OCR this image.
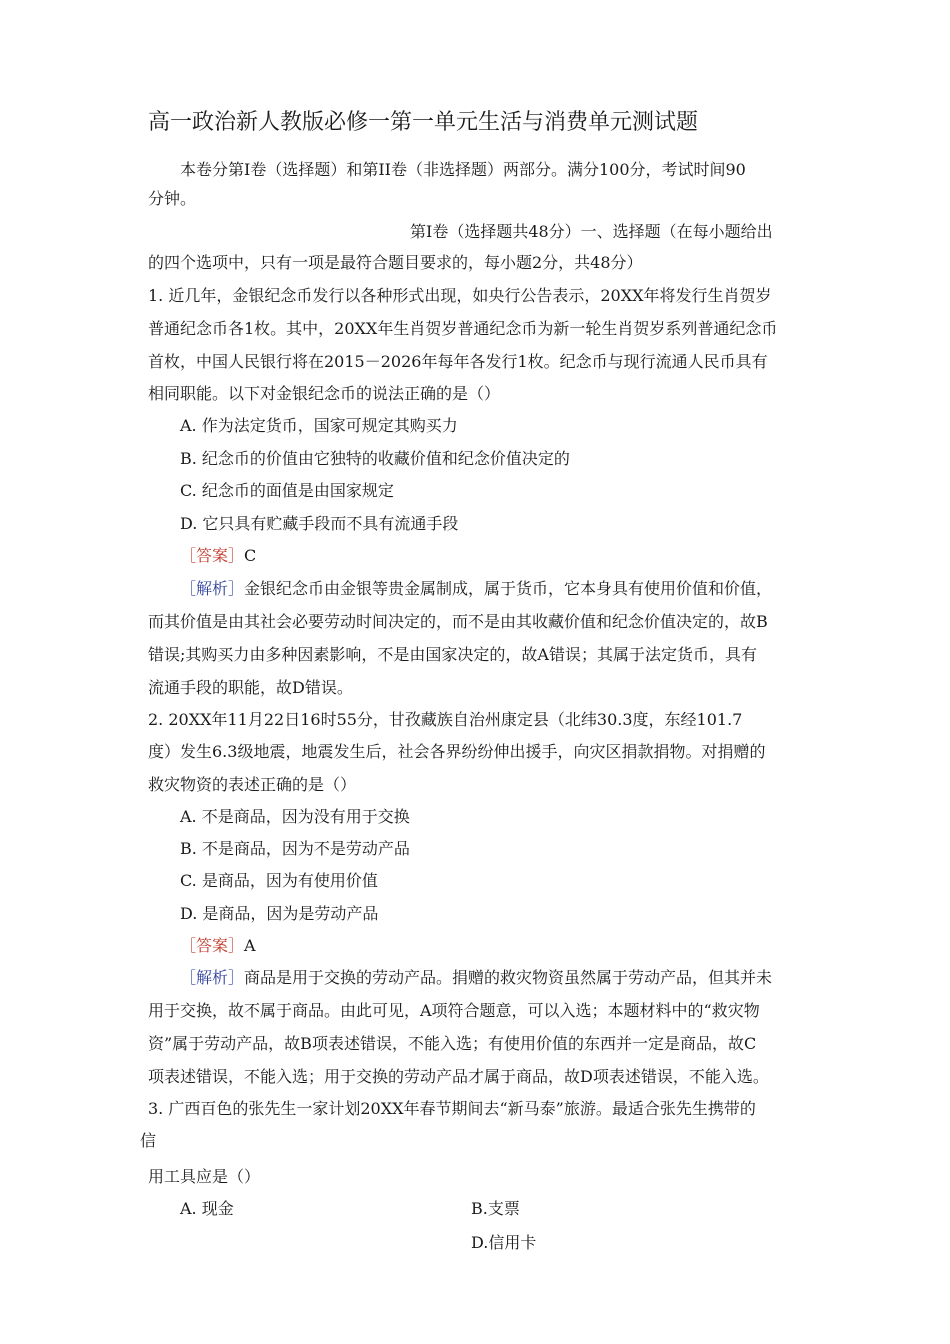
高一政治新人教版必修一第一单元生活与消费单元测试题
本卷分第I卷（选择题）和第II卷（非选择题）两部分。满分100分，考试时间90
分钟。
第I卷（选择题共48分）一、选择题（在每小题给出
的四个选项中，只有一项是最符合题目要求的，每小题2分，共48分）
1. 近几年，金银纪念币发行以各种形式出现，如央行公告表示，20XX年将发行生肖贺岁
普通纪念币各1枚。其中，20XX年生肖贺岁普通纪念币为新一轮生肖贺岁系列普通纪念币
首枚，中国人民银行将在2015－2026年每年各发行1枚。纪念币与现行流通人民币具有
相同职能。以下对金银纪念币的说法正确的是（）
A. 作为法定货币，国家可规定其购买力
B. 纪念币的价值由它独特的收藏价值和纪念价值决定的
C. 纪念币的面值是由国家规定
D. 它只具有贮藏手段而不具有流通手段
［答案］C
［解析］金银纪念币由金银等贵金属制成，属于货币，它本身具有使用价值和价值，
而其价值是由其社会必要劳动时间决定的，而不是由其收藏价值和纪念价值决定的，故B
错误;其购买力由多种因素影响，不是由国家决定的，故A错误；其属于法定货币，具有
流通手段的职能，故D错误。
2. 20XX年11月22日16时55分，甘孜藏族自治州康定县（北纬30.3度，东经101.7
度）发生6.3级地震，地震发生后，社会各界纷纷伸出援手，向灾区捐款捐物。对捐赠的
救灾物资的表述正确的是（）
A. 不是商品，因为没有用于交换
B. 不是商品，因为不是劳动产品
C. 是商品，因为有使用价值
D. 是商品，因为是劳动产品
［答案］A
［解析］商品是用于交换的劳动产品。捐赠的救灾物资虽然属于劳动产品，但其并未
用于交换，故不属于商品。由此可见，A项符合题意，可以入选；本题材料中的“救灾物
资”属于劳动产品，故B项表述错误，不能入选；有使用价值的东西并一定是商品，故C
项表述错误，不能入选；用于交换的劳动产品才属于商品，故D项表述错误，不能入选。
3. 广西百色的张先生一家计划20XX年春节期间去“新马泰”旅游。最适合张先生携带的
信
用工具应是（）
A. 现金	B.支票
D.信用卡
